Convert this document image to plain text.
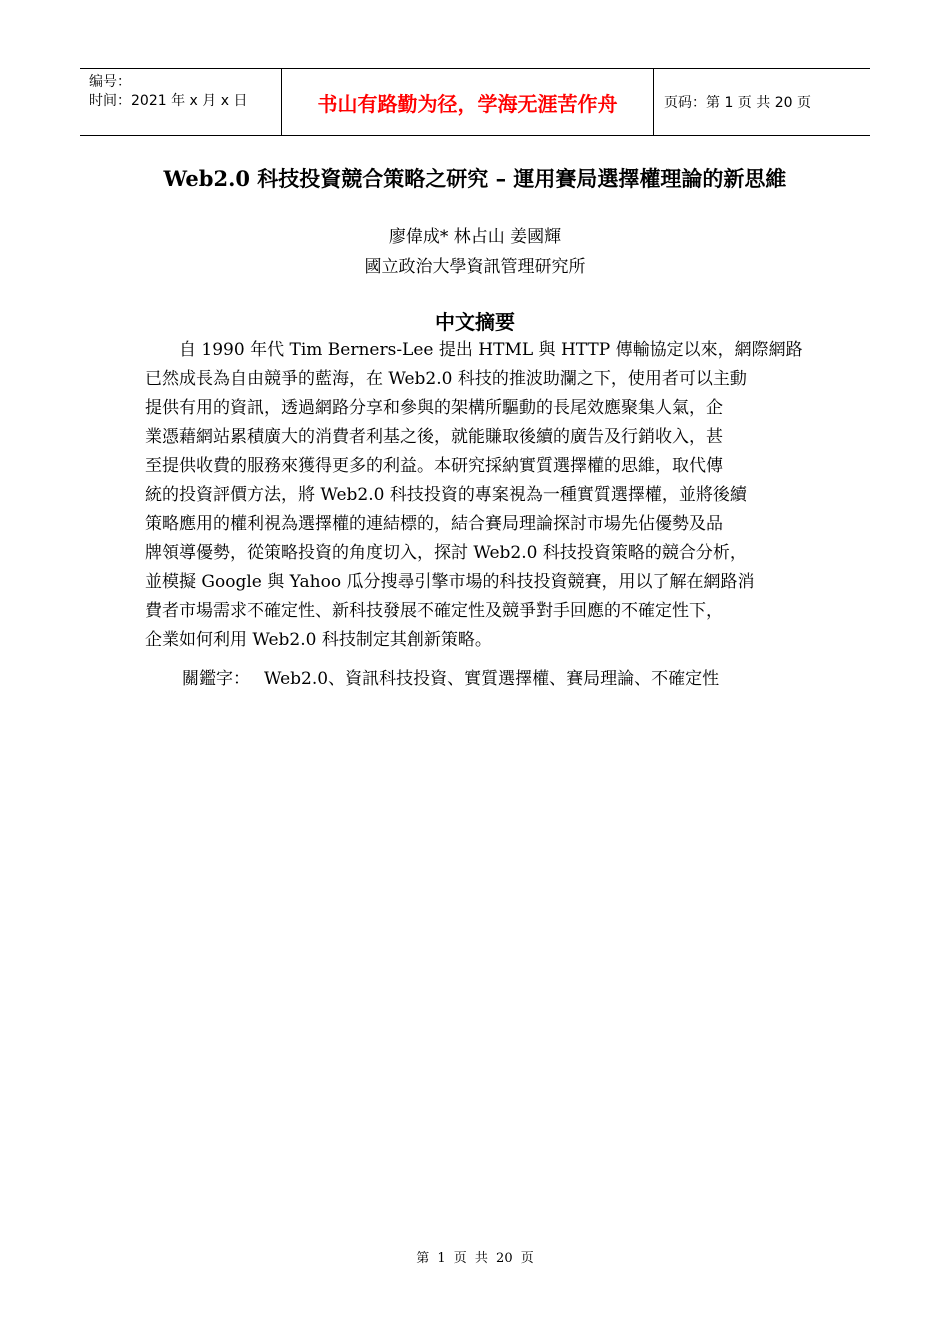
编号：
时间：2021 年 x 月 x 日	书山有路勤为径，学海无涯苦作舟	页码：第 1 页 共 20 页
Web2.0 科技投資競合策略之研究 – 運用賽局選擇權理論的新思維
廖偉成* 林占山 姜國輝
國立政治大學資訊管理研究所
中文摘要
自 1990 年代 Tim Berners-Lee 提出 HTML 與 HTTP 傳輸協定以來，網際網路
已然成長為自由競爭的藍海，在 Web2.0 科技的推波助瀾之下，使用者可以主動
提供有用的資訊，透過網路分享和參與的架構所驅動的長尾效應聚集人氣，企
業憑藉網站累積廣大的消費者利基之後，就能賺取後續的廣告及行銷收入，甚
至提供收費的服務來獲得更多的利益。本研究採納實質選擇權的思維，取代傳
統的投資評價方法，將 Web2.0 科技投資的專案視為一種實質選擇權，並將後續
策略應用的權利視為選擇權的連結標的，結合賽局理論探討市場先佔優勢及品
牌領導優勢，從策略投資的角度切入，探討 Web2.0 科技投資策略的競合分析，
並模擬 Google 與 Yahoo 瓜分搜尋引擎市場的科技投資競賽，用以了解在網路消
費者市場需求不確定性、新科技發展不確定性及競爭對手回應的不確定性下，
企業如何利用 Web2.0 科技制定其創新策略。
關鑑字： Web2.0、資訊科技投資、實質選擇權、賽局理論、不確定性
第 1 页 共 20 页
